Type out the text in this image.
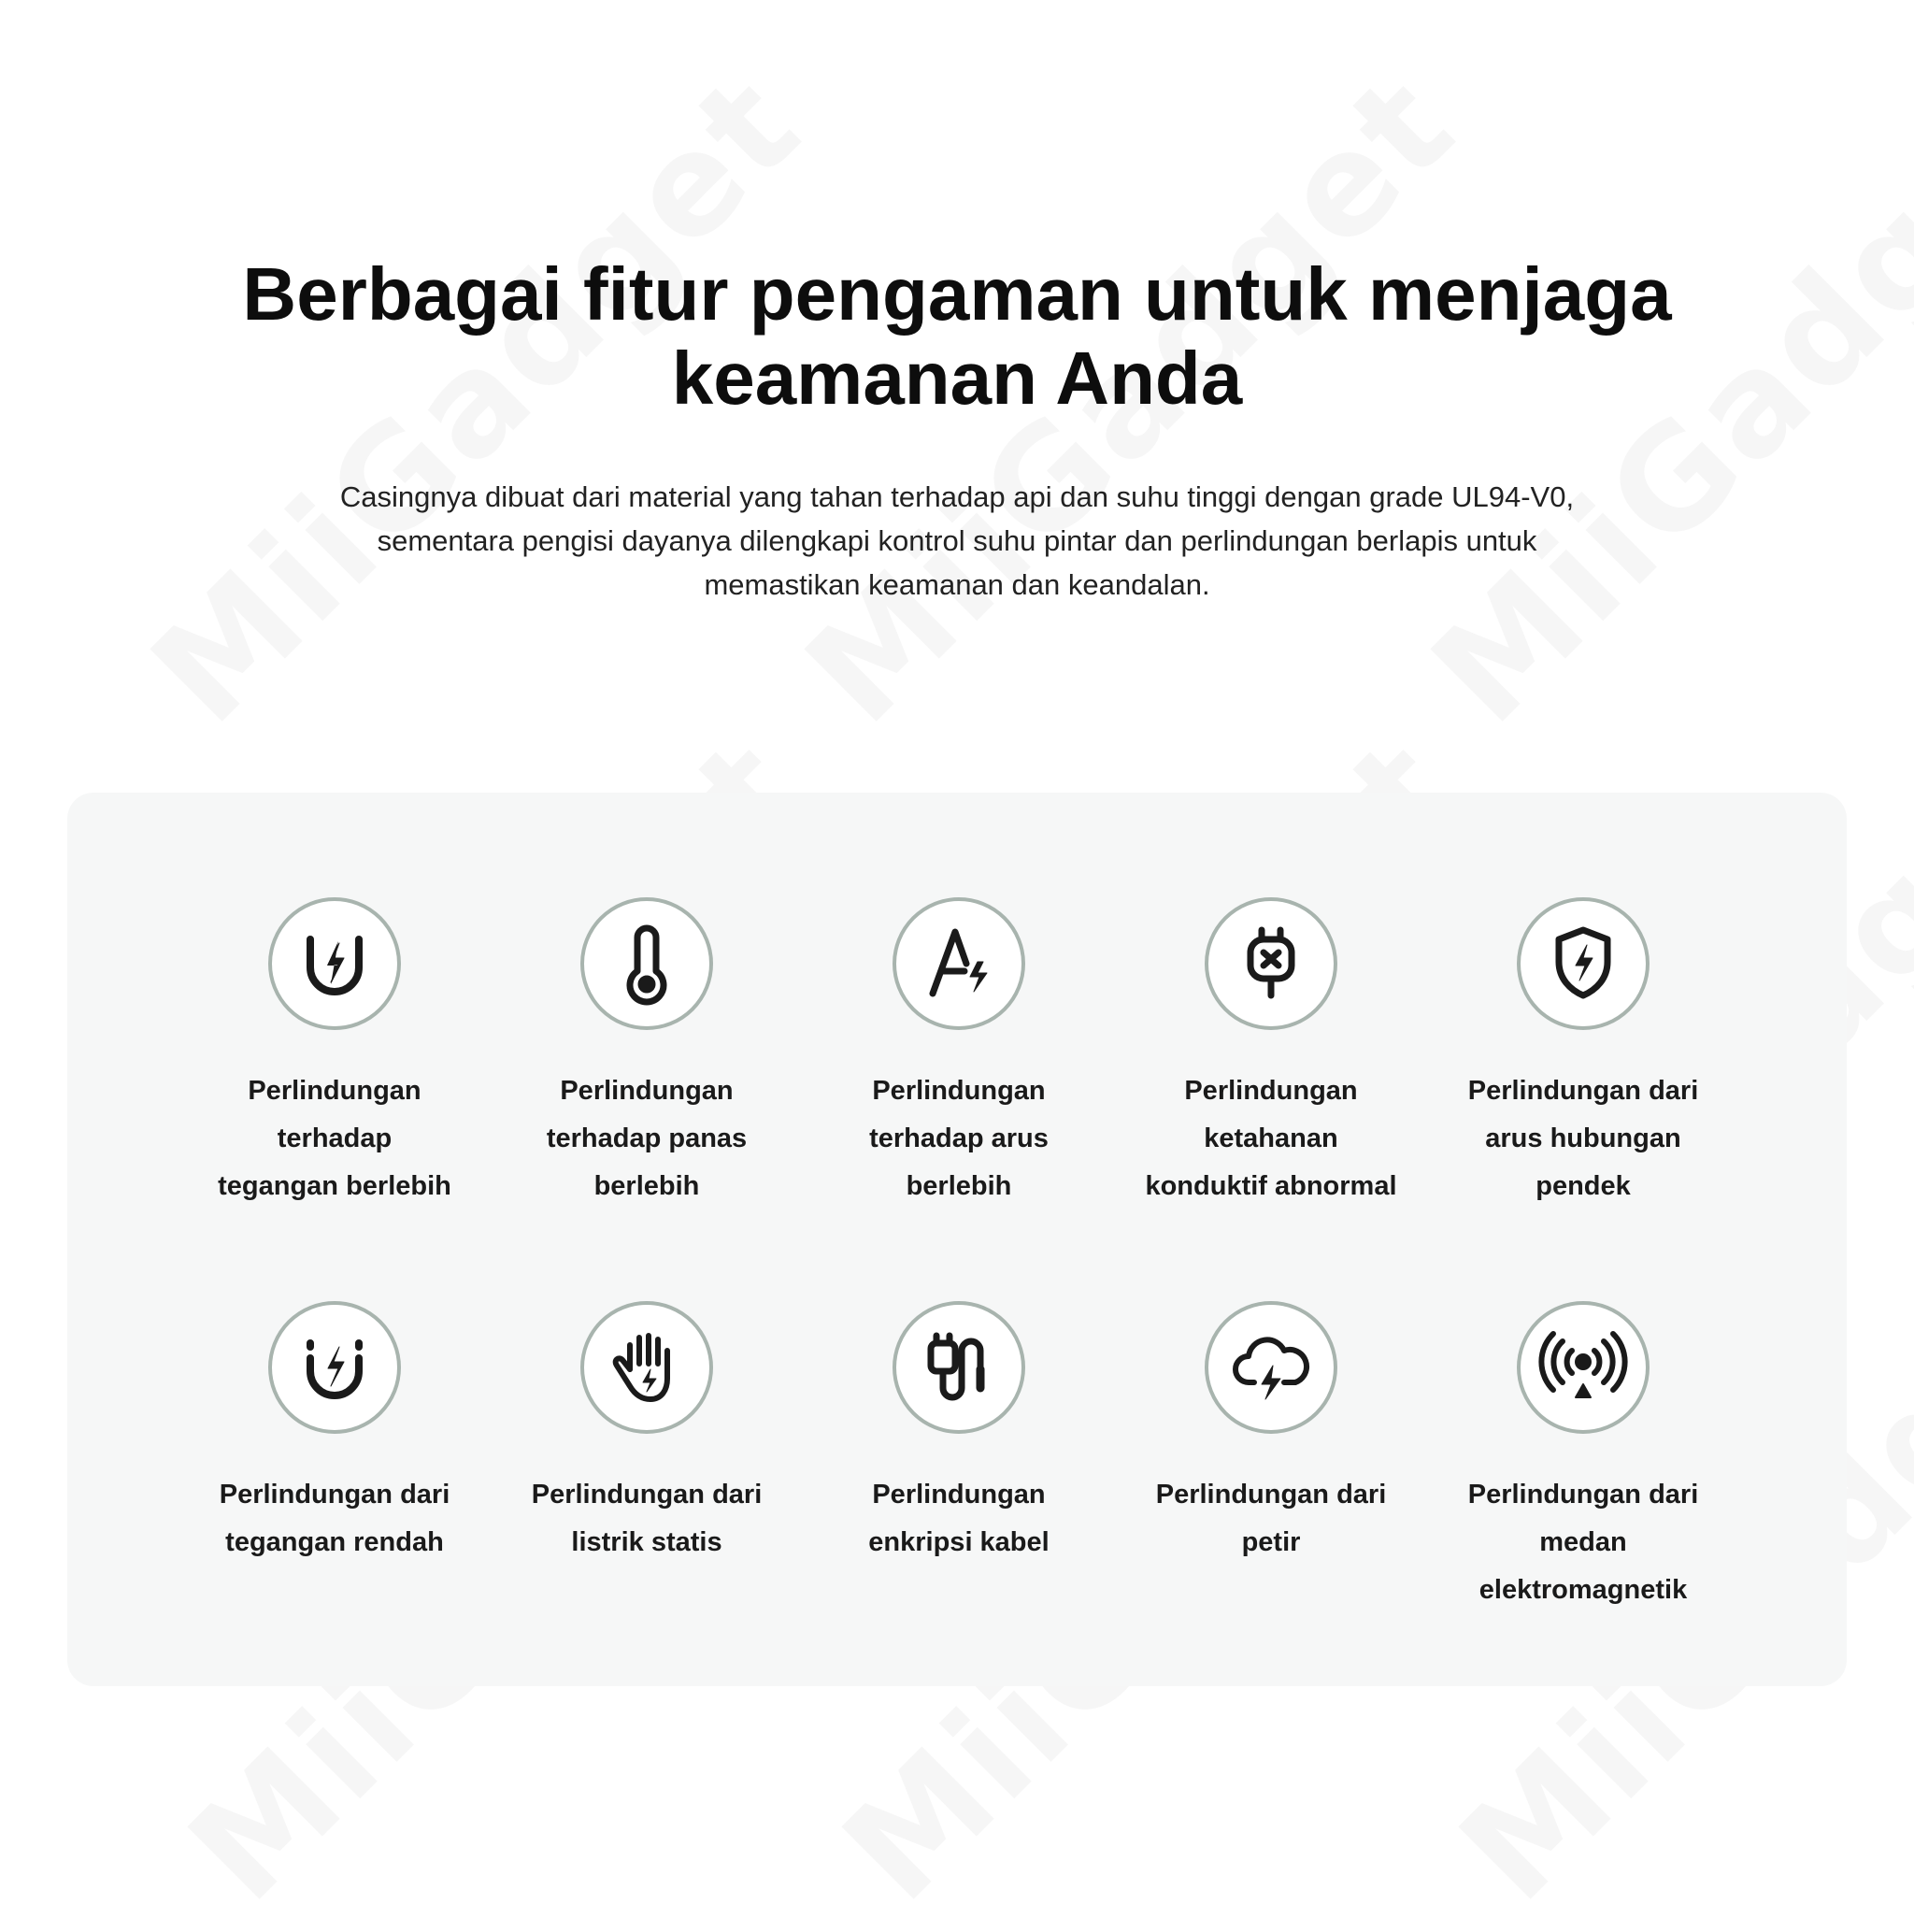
Berbagai fitur pengaman untuk menjaga
keamanan Anda

Casingnya dibuat dari material yang tahan terhadap api dan suhu tinggi dengan grade UL94-V0,
sementara pengisi dayanya dilengkapi kontrol suhu pintar dan perlindungan berlapis untuk
memastikan keamanan dan keandalan.

Perlindungan
terhadap
tegangan berlebih
Perlindungan
terhadap panas
berlebih
Perlindungan
terhadap arus
berlebih
Perlindungan
ketahanan
konduktif abnormal
Perlindungan dari
arus hubungan
pendek
Perlindungan dari
tegangan rendah
Perlindungan dari
listrik statis
Perlindungan
enkripsi kabel
Perlindungan dari
petir
Perlindungan dari
medan
elektromagnetik
